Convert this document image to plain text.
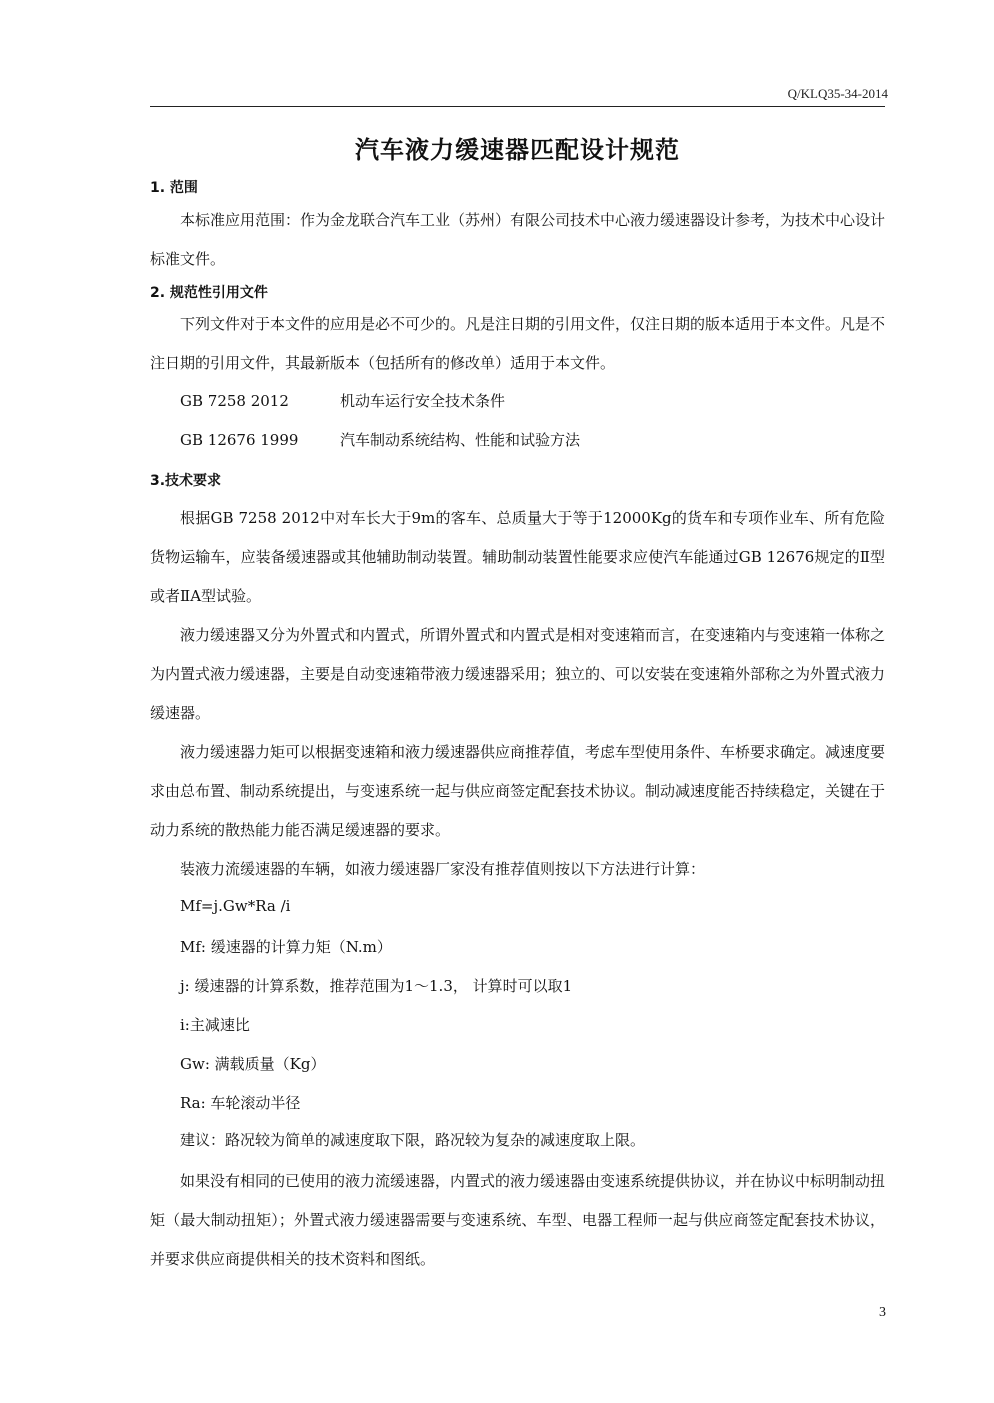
Q/KLQ35-34-2014
汽车液力缓速器匹配设计规范
1. 范围

本标准应用范围：作为金龙联合汽车工业（苏州）有限公司技术中心液力缓速器设计参考，为技术中心设计标准文件。

2. 规范性引用文件

下列文件对于本文件的应用是必不可少的。凡是注日期的引用文件，仅注日期的版本适用于本文件。凡是不注日期的引用文件，其最新版本（包括所有的修改单）适用于本文件。

GB 7258 2012	机动车运行安全技术条件
GB 12676 1999	汽车制动系统结构、性能和试验方法
3.技术要求

根据GB 7258 2012中对车长大于9m的客车、总质量大于等于12000Kg的货车和专项作业车、所有危险货物运输车，应装备缓速器或其他辅助制动装置。辅助制动装置性能要求应使汽车能通过GB 12676规定的Ⅱ型或者ⅡA型试验。

液力缓速器又分为外置式和内置式，所谓外置式和内置式是相对变速箱而言，在变速箱内与变速箱一体称之为内置式液力缓速器，主要是自动变速箱带液力缓速器采用；独立的、可以安装在变速箱外部称之为外置式液力缓速器。

液力缓速器力矩可以根据变速箱和液力缓速器供应商推荐值，考虑车型使用条件、车桥要求确定。减速度要求由总布置、制动系统提出，与变速系统一起与供应商签定配套技术协议。制动减速度能否持续稳定，关键在于动力系统的散热能力能否满足缓速器的要求。

装液力流缓速器的车辆，如液力缓速器厂家没有推荐值则按以下方法进行计算：

Mf=j.Gw*Ra /i
Mf: 缓速器的计算力矩（N.m）
j: 缓速器的计算系数，推荐范围为1～1.3， 计算时可以取1
i:主减速比
Gw: 满载质量（Kg）
Ra: 车轮滚动半径

建议：路况较为简单的减速度取下限，路况较为复杂的减速度取上限。

如果没有相同的已使用的液力流缓速器，内置式的液力缓速器由变速系统提供协议，并在协议中标明制动扭矩（最大制动扭矩）；外置式液力缓速器需要与变速系统、车型、电器工程师一起与供应商签定配套技术协议，并要求供应商提供相关的技术资料和图纸。

3
